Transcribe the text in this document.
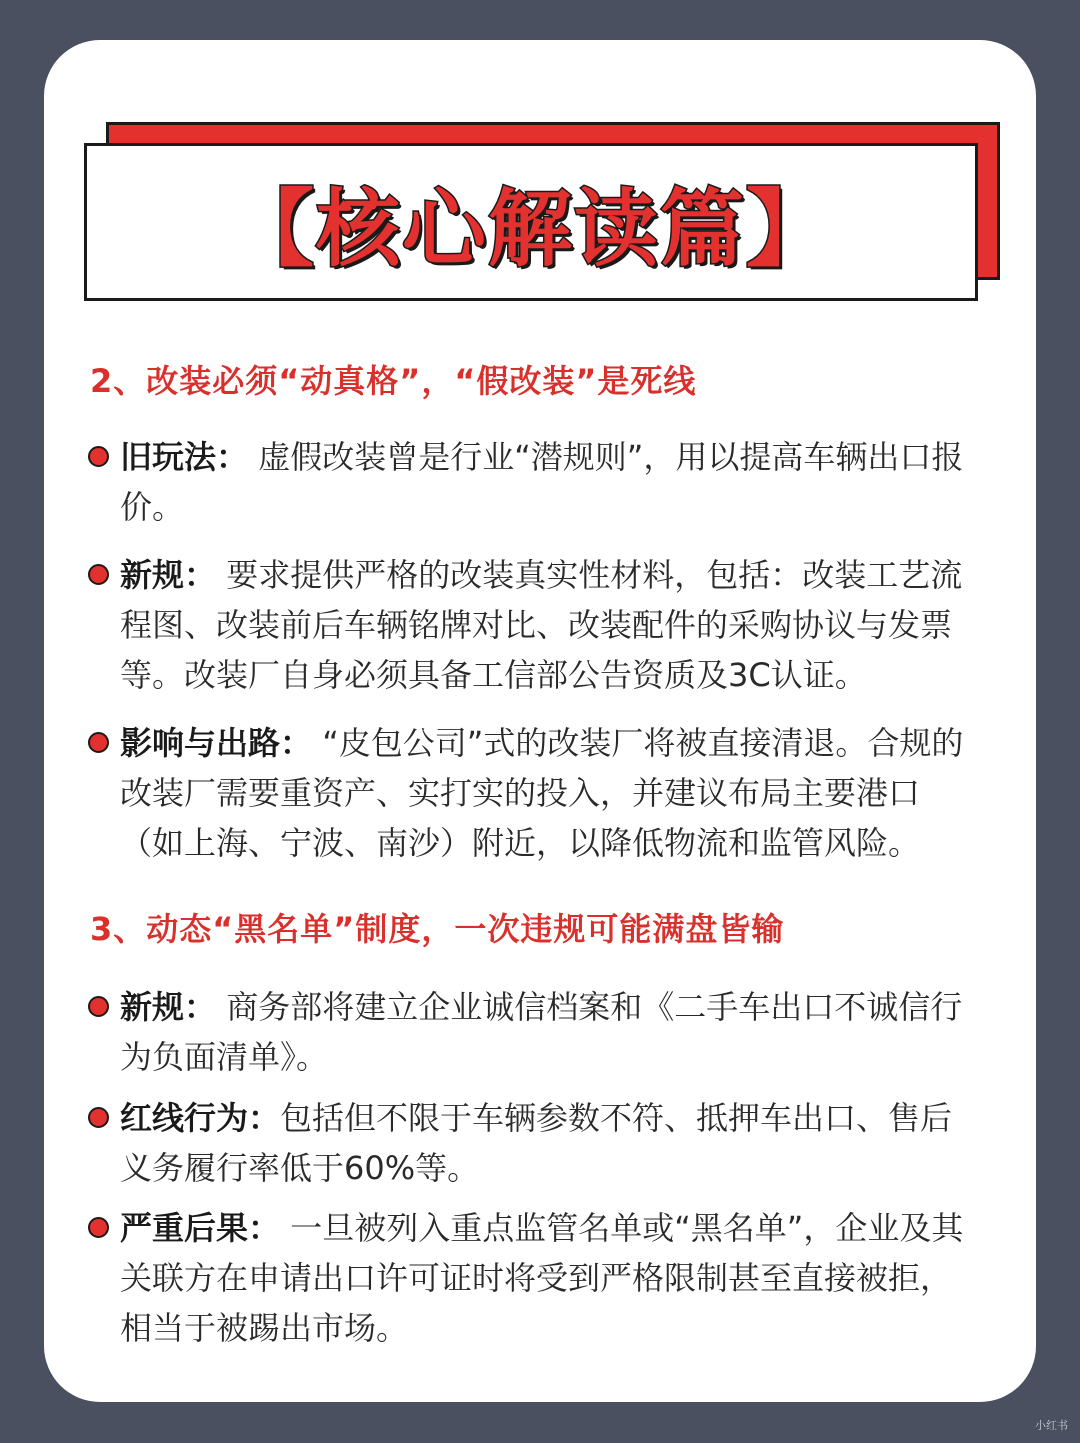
【核心解读篇】
2、改装必须“动真格”，“假改装”是死线
旧玩法： 虚假改装曾是行业“潜规则”，用以提高车辆出口报价。
新规： 要求提供严格的改装真实性材料，包括：改装工艺流程图、改装前后车辆铭牌对比、改装配件的采购协议与发票等。改装厂自身必须具备工信部公告资质及3C认证。
影响与出路： “皮包公司”式的改装厂将被直接清退。合规的改装厂需要重资产、实打实的投入，并建议布局主要港口（如上海、宁波、南沙）附近，以降低物流和监管风险。
3、动态“黑名单”制度，一次违规可能满盘皆输
新规： 商务部将建立企业诚信档案和《二手车出口不诚信行为负面清单》。
红线行为：包括但不限于车辆参数不符、抵押车出口、售后义务履行率低于60%等。
严重后果： 一旦被列入重点监管名单或“黑名单”，企业及其关联方在申请出口许可证时将受到严格限制甚至直接被拒，相当于被踢出市场。
小红书
